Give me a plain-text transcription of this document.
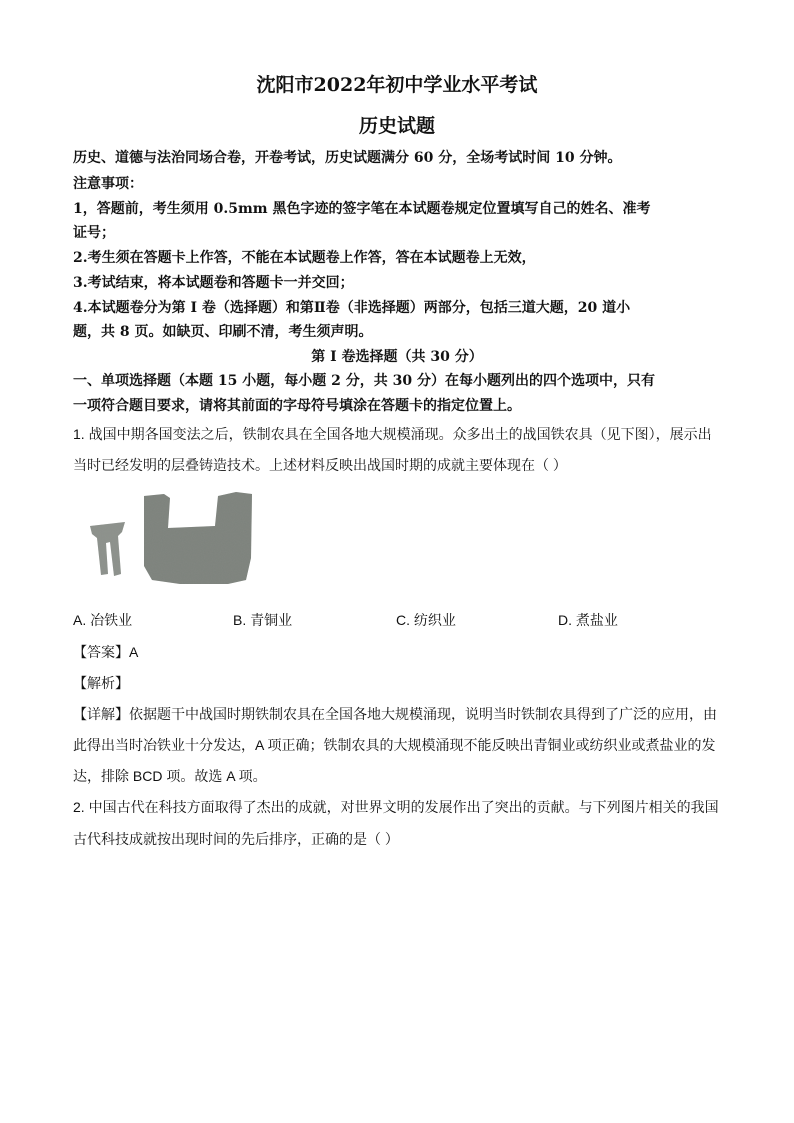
沈阳市2022年初中学业水平考试
历史试题
历史、道德与法治同场合卷，开卷考试，历史试题满分 60 分，全场考试时间 10 分钟。
注意事项：
1，答题前，考生须用 0.5mm 黑色字迹的签字笔在本试题卷规定位置填写自己的姓名、准考
证号；
2.考生须在答题卡上作答，不能在本试题卷上作答，答在本试题卷上无效，
3.考试结束，将本试题卷和答题卡一并交回；
4.本试题卷分为第 I 卷（选择题）和第Ⅱ卷（非选择题）两部分，包括三道大题，20 道小
题，共 8 页。如缺页、印刷不清，考生须声明。
第 I 卷选择题（共 30 分）
一、单项选择题（本题 15 小题，每小题 2 分，共 30 分）在每小题列出的四个选项中，只有
一项符合题目要求，请将其前面的字母符号填涂在答题卡的指定位置上。
1. 战国中期各国变法之后，铁制农具在全国各地大规模涌现。众多出土的战国铁农具（见下图），展示出
当时已经发明的层叠铸造技术。上述材料反映出战国时期的成就主要体现在（ ）
A. 冶铁业	B. 青铜业	C. 纺织业	D. 煮盐业
【答案】A
【解析】
【详解】依据题干中战国时期铁制农具在全国各地大规模涌现，说明当时铁制农具得到了广泛的应用，由
此得出当时冶铁业十分发达，A 项正确；铁制农具的大规模涌现不能反映出青铜业或纺织业或煮盐业的发
达，排除 BCD 项。故选 A 项。
2. 中国古代在科技方面取得了杰出的成就，对世界文明的发展作出了突出的贡献。与下列图片相关的我国
古代科技成就按出现时间的先后排序，正确的是（ ）
